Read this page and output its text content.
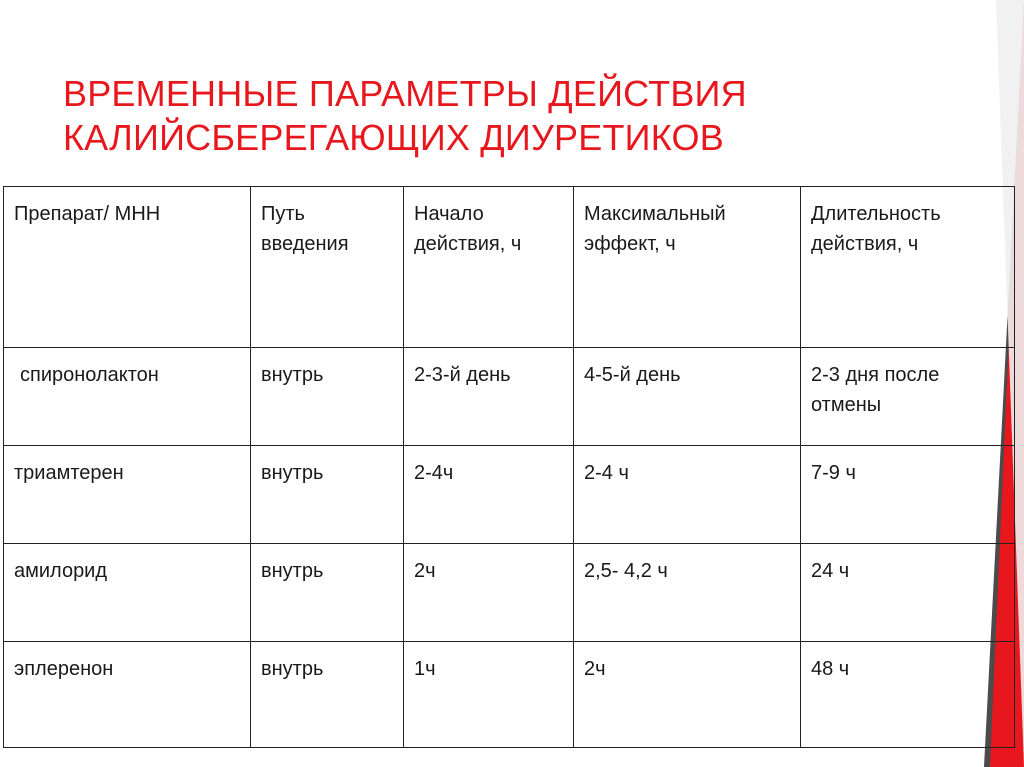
ВРЕМЕННЫЕ ПАРАМЕТРЫ ДЕЙСТВИЯ
КАЛИЙСБЕРЕГАЮЩИХ ДИУРЕТИКОВ
Препарат/ МНН	Путь введения	Начало действия, ч	Максимальный эффект, ч	Длительность действия, ч
спиронолактон	внутрь	2-3-й день	4-5-й день	2-3 дня после отмены
триамтерен	внутрь	2-4ч	2-4 ч	7-9 ч
амилорид	внутрь	2ч	2,5- 4,2 ч	24 ч
эплеренон	внутрь	1ч	2ч	48 ч
